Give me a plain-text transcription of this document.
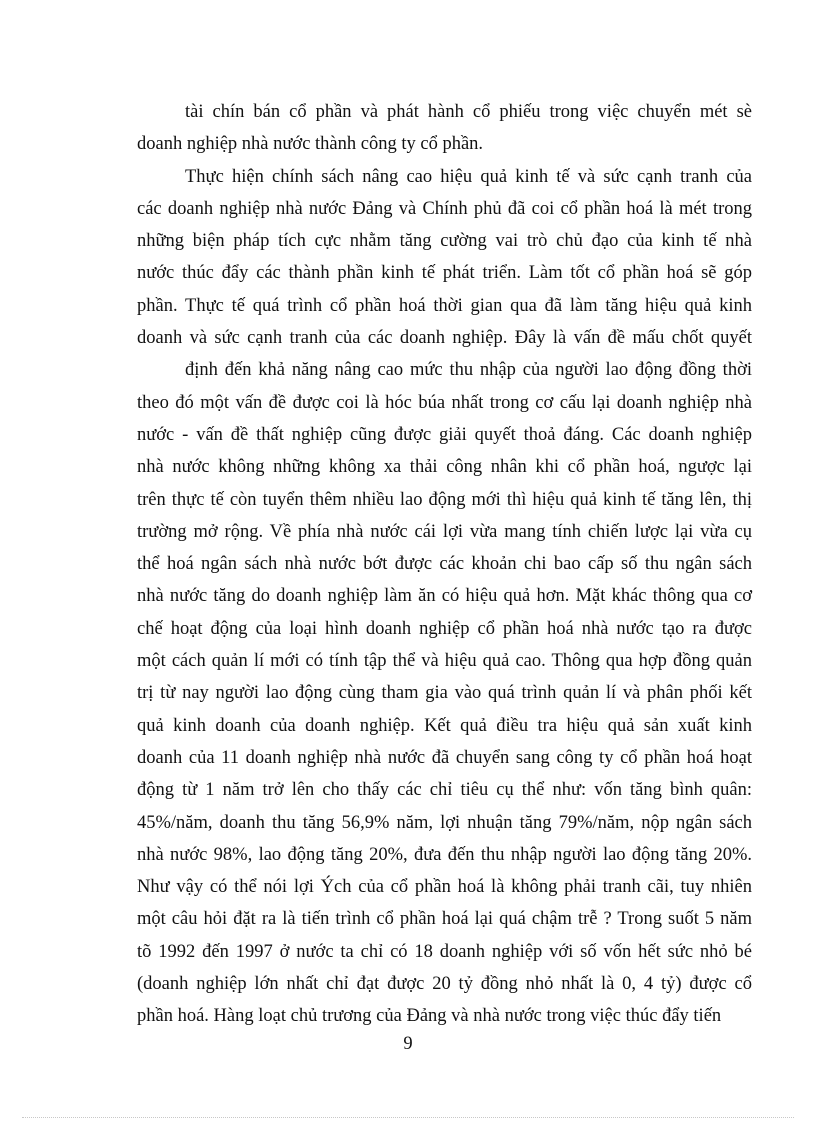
tài chín bán cổ phần và phát hành cổ phiếu trong việc chuyển mét sè
doanh nghiệp nhà nước thành công ty cổ phần.
Thực hiện chính sách nâng cao hiệu quả kinh tế và sức cạnh tranh của
các doanh nghiệp nhà nước Đảng và Chính phủ đã coi cổ phần hoá là mét trong
những biện pháp tích cực nhằm tăng cường vai trò chủ đạo của kinh tế nhà
nước thúc đẩy các thành phần kinh tế phát triển. Làm tốt cổ phần hoá sẽ góp
phần. Thực tế quá trình cổ phần hoá thời gian qua đã làm tăng hiệu quả kinh
doanh và sức cạnh tranh của các doanh nghiệp. Đây là vấn đề mấu chốt quyết
định đến khả năng nâng cao mức thu nhập của người lao động đồng thời
theo đó một vấn đề được coi là hóc búa nhất trong cơ cấu lại doanh nghiệp nhà
nước - vấn đề thất nghiệp cũng được giải quyết thoả đáng. Các doanh nghiệp
nhà nước không những không xa thải công nhân khi cổ phần hoá, ngược lại
trên thực tế còn tuyển thêm nhiều lao động mới thì hiệu quả kinh tế tăng lên, thị
trường mở rộng. Về phía nhà nước cái lợi vừa mang tính chiến lược lại vừa cụ
thể hoá ngân sách nhà nước bớt được các khoản chi bao cấp số thu ngân sách
nhà nước tăng do doanh nghiệp làm ăn có hiệu quả hơn. Mặt khác thông qua cơ
chế hoạt động của loại hình doanh nghiệp cổ phần hoá nhà nước tạo ra được
một cách quản lí mới có tính tập thể và hiệu quả cao. Thông qua hợp đồng quản
trị từ nay người lao động cùng tham gia vào quá trình quản lí và phân phối kết
quả kinh doanh của doanh nghiệp. Kết quả điều tra hiệu quả sản xuất kinh
doanh của 11 doanh nghiệp nhà nước đã chuyển sang công ty cổ phần hoá hoạt
động từ 1 năm trở lên cho thấy các chỉ tiêu cụ thể như: vốn tăng bình quân:
45%/năm, doanh thu tăng 56,9% năm, lợi nhuận tăng 79%/năm, nộp ngân sách
nhà nước 98%, lao động tăng 20%, đưa đến thu nhập người lao động tăng 20%.
Như vậy có thể nói lợi Ých của cổ phần hoá là không phải tranh cãi, tuy nhiên
một câu hỏi đặt ra là tiến trình cổ phần hoá lại quá chậm trễ ? Trong suốt 5 năm
tõ 1992 đến 1997 ở nước ta chỉ có 18 doanh nghiệp với số vốn hết sức nhỏ bé
(doanh nghiệp lớn nhất chỉ đạt được 20 tỷ đồng nhỏ nhất là 0, 4 tỷ) được cổ
phần hoá. Hàng loạt chủ trương của Đảng và nhà nước trong việc thúc đẩy tiến
9
